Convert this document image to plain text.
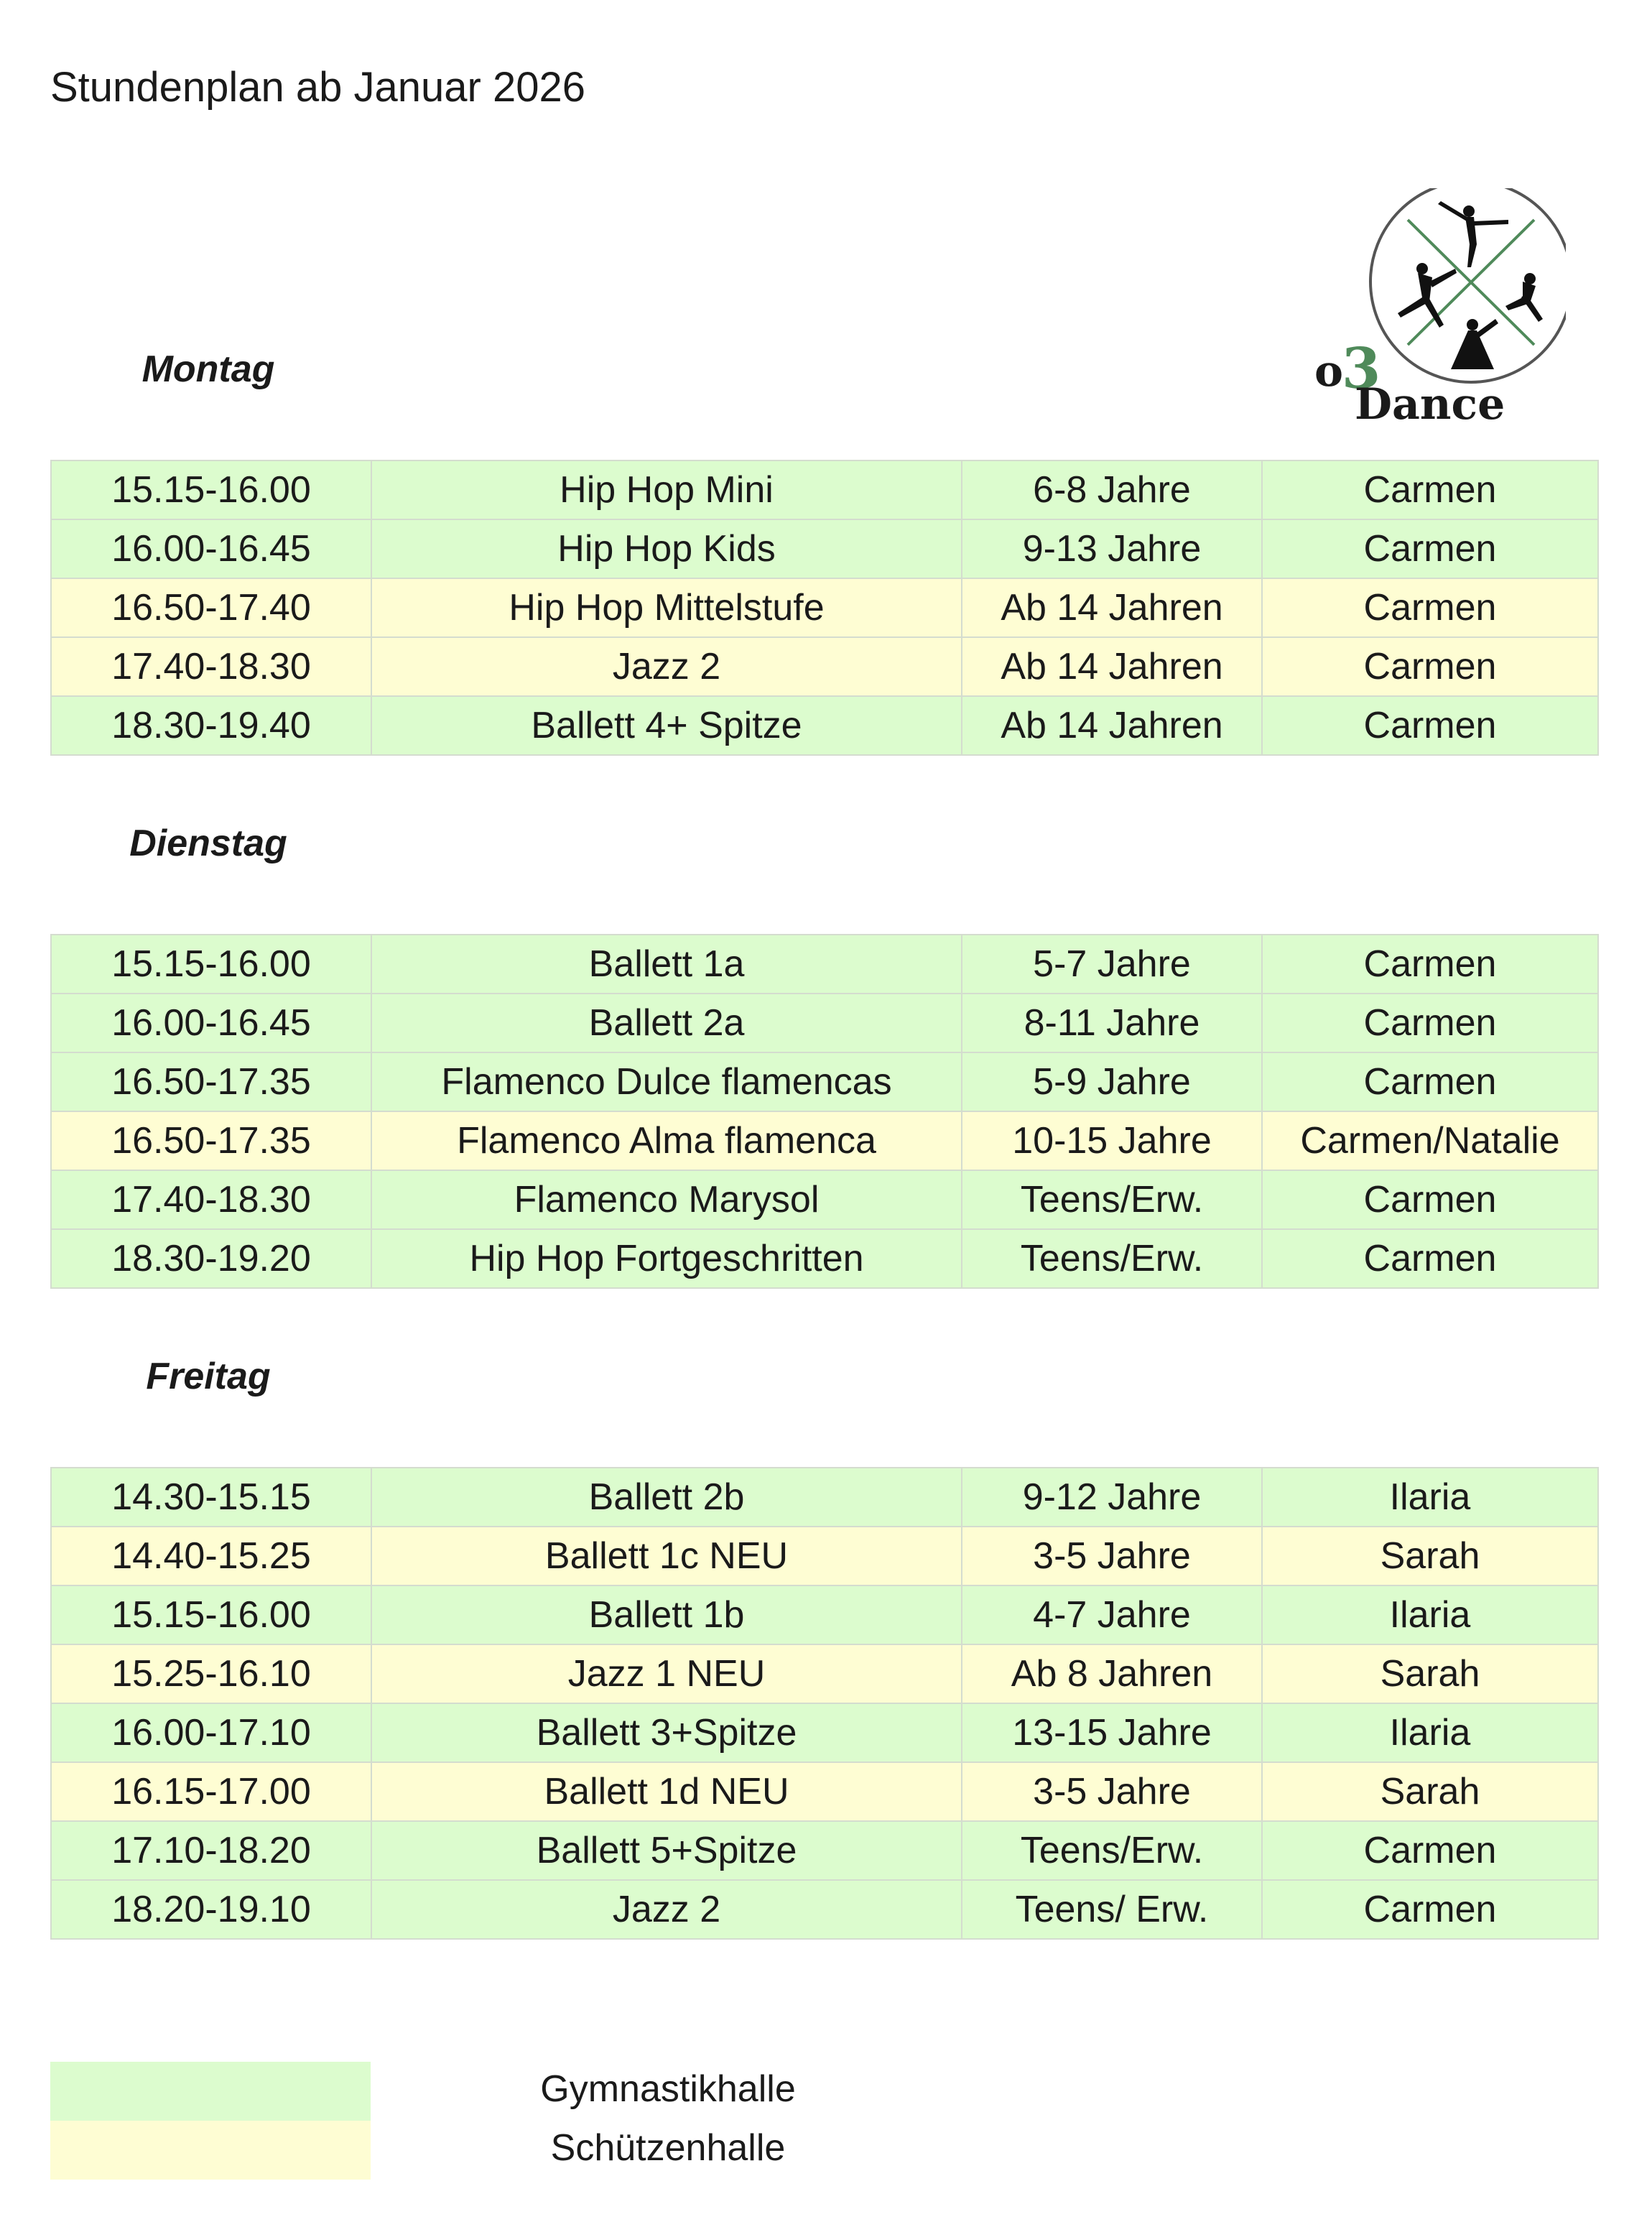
Stundenplan ab Januar 2026
o
3
Dance
Montag
15.15-16.00	Hip Hop Mini	6-8 Jahre	Carmen
16.00-16.45	Hip Hop Kids	9-13 Jahre	Carmen
16.50-17.40	Hip Hop Mittelstufe	Ab 14 Jahren	Carmen
17.40-18.30	Jazz 2	Ab 14 Jahren	Carmen
18.30-19.40	Ballett 4+ Spitze	Ab 14 Jahren	Carmen
Dienstag
15.15-16.00	Ballett 1a	5-7 Jahre	Carmen
16.00-16.45	Ballett 2a	8-11 Jahre	Carmen
16.50-17.35	Flamenco Dulce flamencas	5-9 Jahre	Carmen
16.50-17.35	Flamenco Alma flamenca	10-15 Jahre	Carmen/Natalie
17.40-18.30	Flamenco Marysol	Teens/Erw.	Carmen
18.30-19.20	Hip Hop Fortgeschritten	Teens/Erw.	Carmen
Freitag
14.30-15.15	Ballett 2b	9-12 Jahre	Ilaria
14.40-15.25	Ballett 1c NEU	3-5 Jahre	Sarah
15.15-16.00	Ballett 1b	4-7 Jahre	Ilaria
15.25-16.10	Jazz 1 NEU	Ab 8 Jahren	Sarah
16.00-17.10	Ballett 3+Spitze	13-15 Jahre	Ilaria
16.15-17.00	Ballett 1d NEU	3-5 Jahre	Sarah
17.10-18.20	Ballett 5+Spitze	Teens/Erw.	Carmen
18.20-19.10	Jazz 2	Teens/ Erw.	Carmen

Gymnastikhalle

Schützenhalle
